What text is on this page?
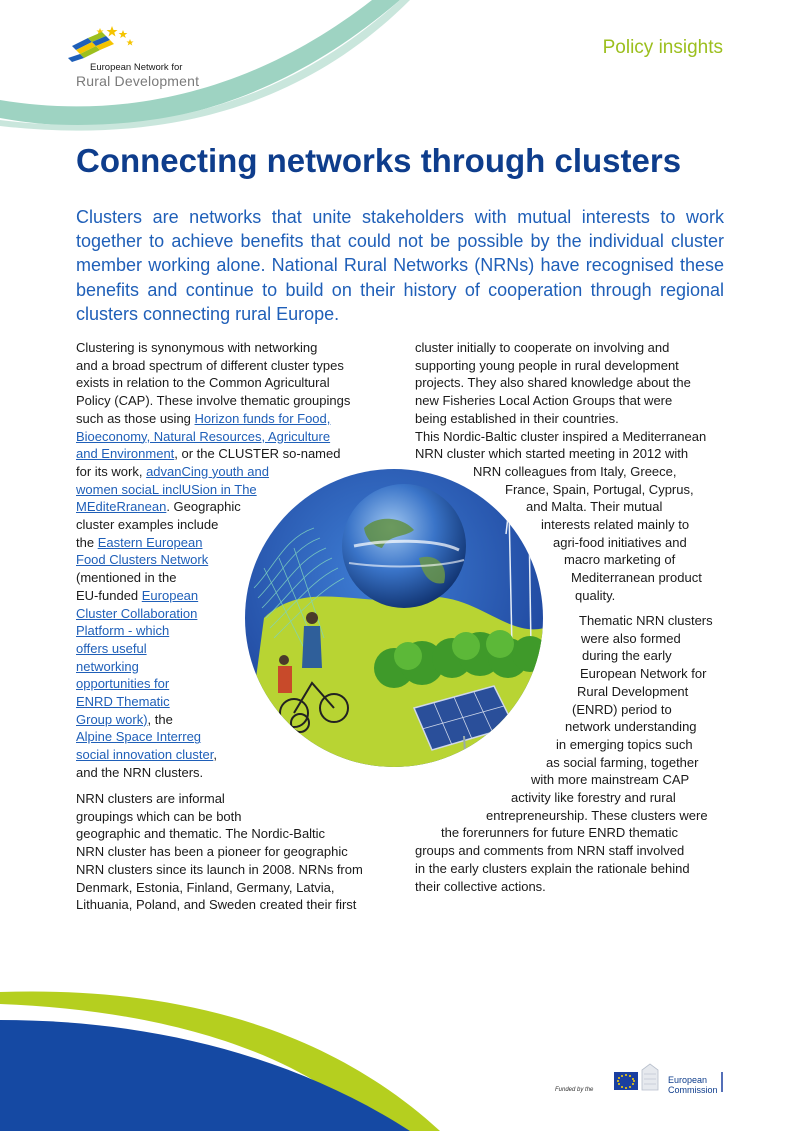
European Network for
Rural Development
Policy insights
Connecting networks through clusters

Clusters are networks that unite stakeholders with mutual interests to work together to achieve benefits that could not be possible by the individual cluster member working alone. National Rural Networks (NRNs) have recognised these benefits and continue to build on their history of cooperation through regional clusters connecting rural Europe.

Clustering is synonymous with networking
and a broad spectrum of different cluster types
exists in relation to the Common Agricultural
Policy (CAP). These involve thematic groupings
such as those using Horizon funds for Food,
Bioeconomy, Natural Resources, Agriculture
and Environment, or the CLUSTER so-named
for its work, advanCing youth and
women sociaL inclUSion in The
MEditeRranean. Geographic
cluster examples include
the Eastern European
Food Clusters Network
(mentioned in the
EU-funded European
Cluster Collaboration
Platform - which
offers useful
networking
opportunities for
ENRD Thematic
Group work), the
Alpine Space Interreg
social innovation cluster,
and the NRN clusters.
NRN clusters are informal
groupings which can be both
geographic and thematic. The Nordic-Baltic
NRN cluster has been a pioneer for geographic
NRN clusters since its launch in 2008. NRNs from
Denmark, Estonia, Finland, Germany, Latvia,
Lithuania, Poland, and Sweden created their first
cluster initially to cooperate on involving and
supporting young people in rural development
projects. They also shared knowledge about the
new Fisheries Local Action Groups that were
being established in their countries.
This Nordic-Baltic cluster inspired a Mediterranean
NRN cluster which started meeting in 2012 with
NRN colleagues from Italy, Greece,
France, Spain, Portugal, Cyprus,
and Malta. Their mutual
interests related mainly to
agri-food initiatives and
macro marketing of
Mediterranean product
quality.
Thematic NRN clusters
were also formed
during the early
European Network for
Rural Development
(ENRD) period to
network understanding
in emerging topics such
as social farming, together
with more mainstream CAP
activity like forestry and rural
entrepreneurship. These clusters were
the forerunners for future ENRD thematic
groups and comments from NRN staff involved
in the early clusters explain the rationale behind
their collective actions.
Funded by the
European
Commission
